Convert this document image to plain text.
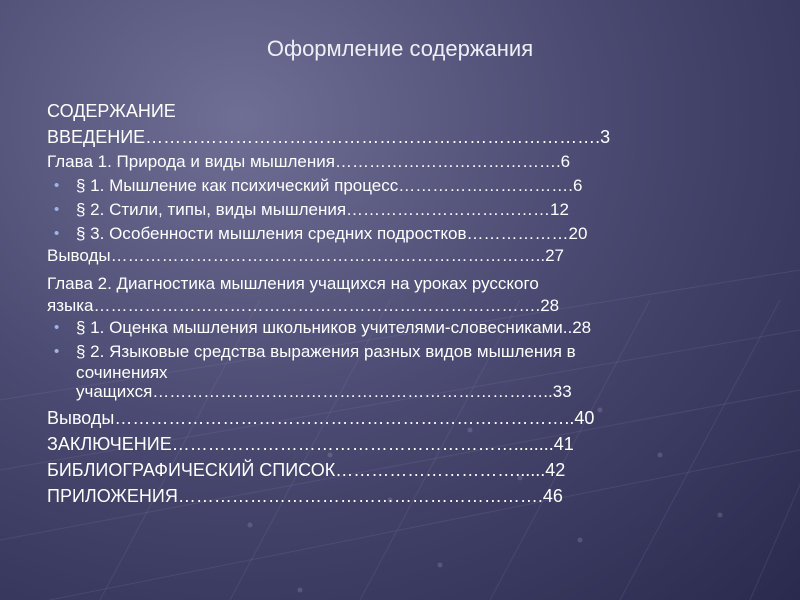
Оформление содержания
СОДЕРЖАНИЕ
ВВЕДЕНИЕ………………………………………………………………….3
Глава 1. Природа и виды мышления………………………………….6
• § 1. Мышление как психический процесс………………………….6
• § 2. Стили, типы, виды мышления………………………………12
• § 3. Особенности мышления средних подростков………………20
Выводы…………………………………………………………………..27
Глава 2. Диагностика мышления учащихся на уроках русского
языка…………………………………………………………………….28
• § 1. Оценка мышления школьников учителями-словесниками..28
• § 2. Языковые средства выражения разных видов мышления в
сочинениях
учащихся……………………………………………………………..33
Выводы…………………………………………………………………..40
ЗАКЛЮЧЕНИЕ…………………………………………………........41
БИБЛИОГРАФИЧЕСКИЙ СПИСОК…………………………......42
ПРИЛОЖЕНИЯ…………………………………………………….46
